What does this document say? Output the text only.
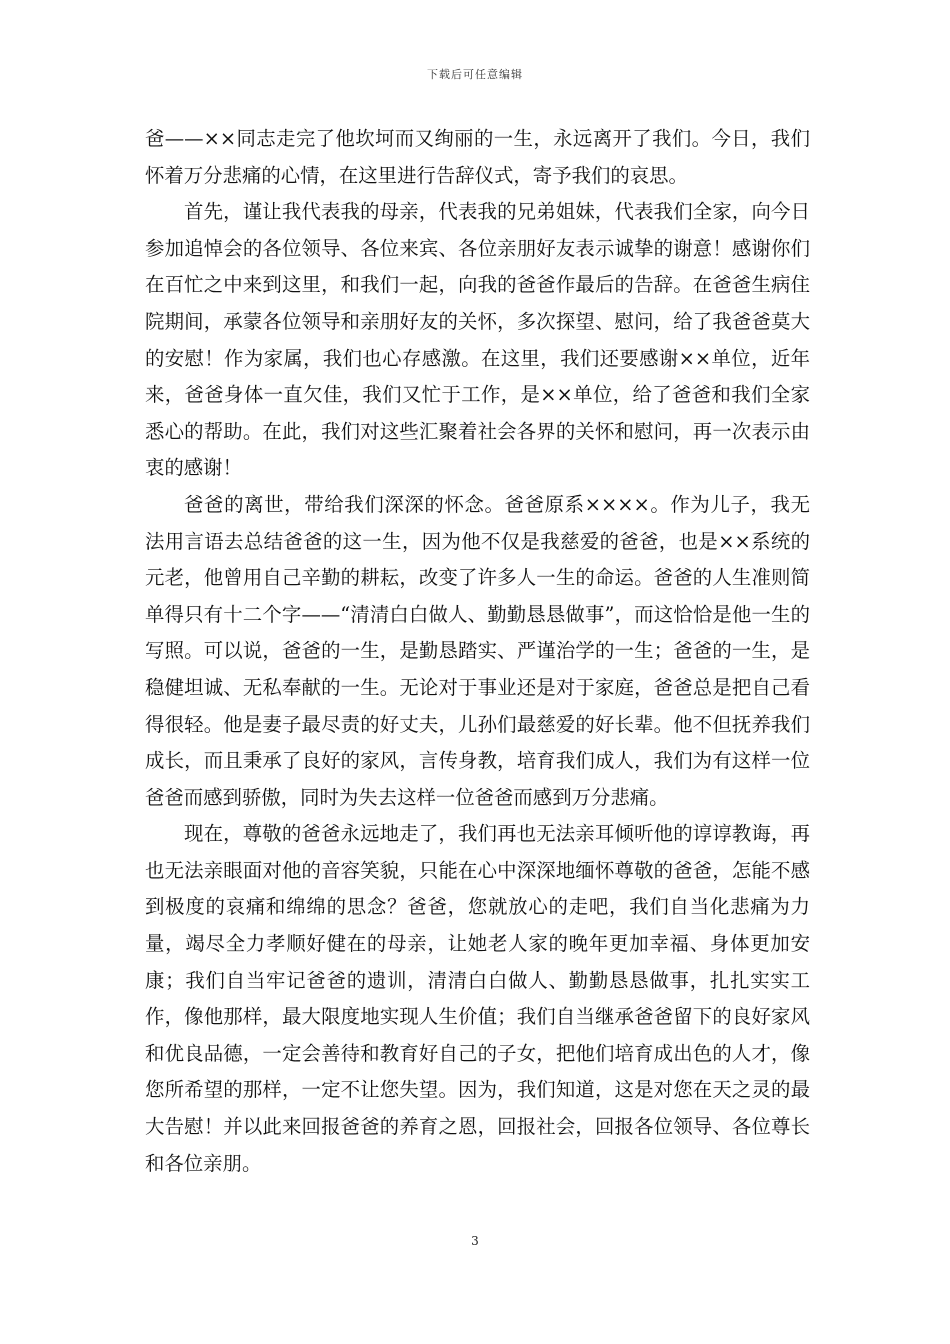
下载后可任意编辑

爸——××同志走完了他坎坷而又绚丽的一生，永远离开了我们。今日，我们怀着万分悲痛的心情，在这里进行告辞仪式，寄予我们的哀思。

首先，谨让我代表我的母亲，代表我的兄弟姐妹，代表我们全家，向今日参加追悼会的各位领导、各位来宾、各位亲朋好友表示诚挚的谢意！感谢你们在百忙之中来到这里，和我们一起，向我的爸爸作最后的告辞。在爸爸生病住院期间，承蒙各位领导和亲朋好友的关怀，多次探望、慰问，给了我爸爸莫大的安慰！作为家属，我们也心存感激。在这里，我们还要感谢××单位，近年来，爸爸身体一直欠佳，我们又忙于工作，是××单位，给了爸爸和我们全家悉心的帮助。在此，我们对这些汇聚着社会各界的关怀和慰问，再一次表示由衷的感谢！

爸爸的离世，带给我们深深的怀念。爸爸原系××××。作为儿子，我无法用言语去总结爸爸的这一生，因为他不仅是我慈爱的爸爸，也是××系统的元老，他曾用自己辛勤的耕耘，改变了许多人一生的命运。爸爸的人生准则简单得只有十二个字——“清清白白做人、勤勤恳恳做事”，而这恰恰是他一生的写照。可以说，爸爸的一生，是勤恳踏实、严谨治学的一生；爸爸的一生，是稳健坦诚、无私奉献的一生。无论对于事业还是对于家庭，爸爸总是把自己看得很轻。他是妻子最尽责的好丈夫，儿孙们最慈爱的好长辈。他不但抚养我们成长，而且秉承了良好的家风，言传身教，培育我们成人，我们为有这样一位爸爸而感到骄傲，同时为失去这样一位爸爸而感到万分悲痛。

现在，尊敬的爸爸永远地走了，我们再也无法亲耳倾听他的谆谆教诲，再也无法亲眼面对他的音容笑貌，只能在心中深深地缅怀尊敬的爸爸，怎能不感到极度的哀痛和绵绵的思念？爸爸，您就放心的走吧，我们自当化悲痛为力量，竭尽全力孝顺好健在的母亲，让她老人家的晚年更加幸福、身体更加安康；我们自当牢记爸爸的遗训，清清白白做人、勤勤恳恳做事，扎扎实实工作，像他那样，最大限度地实现人生价值；我们自当继承爸爸留下的良好家风和优良品德，一定会善待和教育好自己的子女，把他们培育成出色的人才，像您所希望的那样，一定不让您失望。因为，我们知道，这是对您在天之灵的最大告慰！并以此来回报爸爸的养育之恩，回报社会，回报各位领导、各位尊长和各位亲朋。

3
